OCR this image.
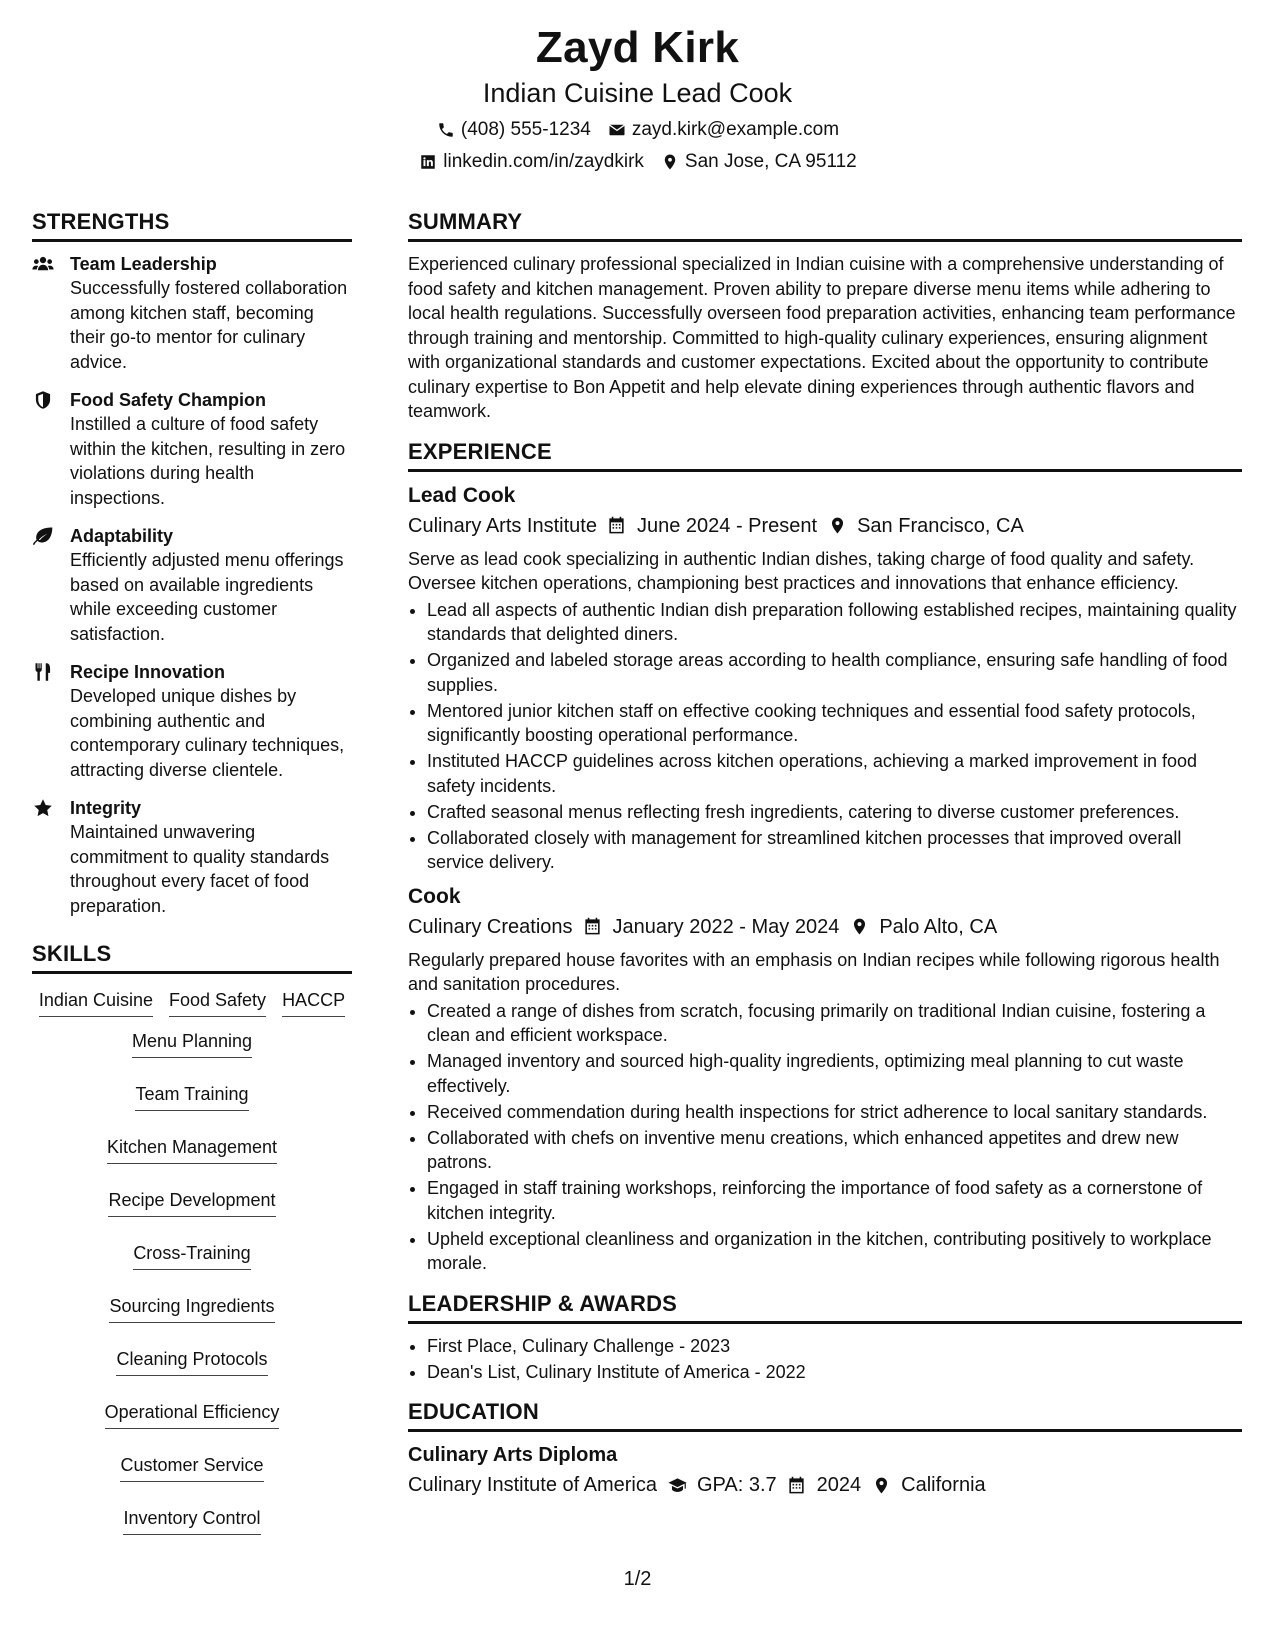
Zayd Kirk
Indian Cuisine Lead Cook
(408) 555-1234 zayd.kirk@example.com
linkedin.com/in/zaydkirk San Jose, CA 95112
STRENGTHS
Team Leadership
Successfully fostered collaboration among kitchen staff, becoming their go-to mentor for culinary advice.
Food Safety Champion
Instilled a culture of food safety within the kitchen, resulting in zero violations during health inspections.
Adaptability
Efficiently adjusted menu offerings based on available ingredients while exceeding customer satisfaction.
Recipe Innovation
Developed unique dishes by combining authentic and contemporary culinary techniques, attracting diverse clientele.
Integrity
Maintained unwavering commitment to quality standards throughout every facet of food preparation.
SKILLS
Indian Cuisine Food Safety HACCP
Menu Planning
Team Training
Kitchen Management
Recipe Development
Cross-Training
Sourcing Ingredients
Cleaning Protocols
Operational Efficiency
Customer Service
Inventory Control
SUMMARY

Experienced culinary professional specialized in Indian cuisine with a comprehensive understanding of food safety and kitchen management. Proven ability to prepare diverse menu items while adhering to local health regulations. Successfully overseen food preparation activities, enhancing team performance through training and mentorship. Committed to high-quality culinary experiences, ensuring alignment with organizational standards and customer expectations. Excited about the opportunity to contribute culinary expertise to Bon Appetit and help elevate dining experiences through authentic flavors and teamwork.

EXPERIENCE
Lead Cook
Culinary Arts Institute June 2024 - Present San Francisco, CA
Serve as lead cook specializing in authentic Indian dishes, taking charge of food quality and safety. Oversee kitchen operations, championing best practices and innovations that enhance efficiency.
• Lead all aspects of authentic Indian dish preparation following established recipes, maintaining quality standards that delighted diners.
• Organized and labeled storage areas according to health compliance, ensuring safe handling of food supplies.
• Mentored junior kitchen staff on effective cooking techniques and essential food safety protocols, significantly boosting operational performance.
• Instituted HACCP guidelines across kitchen operations, achieving a marked improvement in food safety incidents.
• Crafted seasonal menus reflecting fresh ingredients, catering to diverse customer preferences.
• Collaborated closely with management for streamlined kitchen processes that improved overall service delivery.
Cook
Culinary Creations January 2022 - May 2024 Palo Alto, CA
Regularly prepared house favorites with an emphasis on Indian recipes while following rigorous health and sanitation procedures.
• Created a range of dishes from scratch, focusing primarily on traditional Indian cuisine, fostering a clean and efficient workspace.
• Managed inventory and sourced high-quality ingredients, optimizing meal planning to cut waste effectively.
• Received commendation during health inspections for strict adherence to local sanitary standards.
• Collaborated with chefs on inventive menu creations, which enhanced appetites and drew new patrons.
• Engaged in staff training workshops, reinforcing the importance of food safety as a cornerstone of kitchen integrity.
• Upheld exceptional cleanliness and organization in the kitchen, contributing positively to workplace morale.
LEADERSHIP & AWARDS
• First Place, Culinary Challenge - 2023
• Dean's List, Culinary Institute of America - 2022
EDUCATION
Culinary Arts Diploma
Culinary Institute of America GPA: 3.7 2024 California
1/2
